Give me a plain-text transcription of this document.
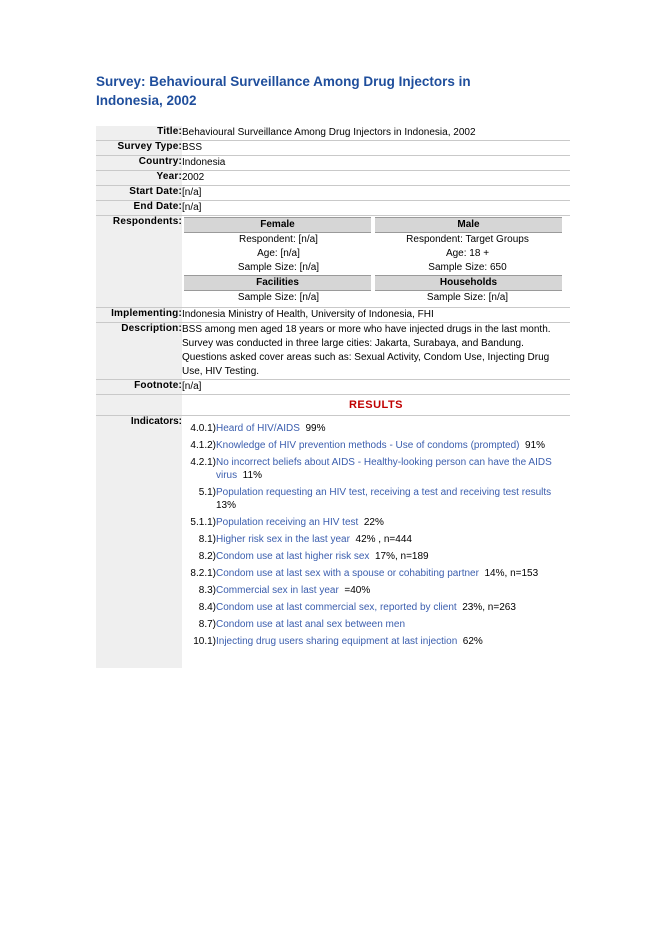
Survey: Behavioural Surveillance Among Drug Injectors in Indonesia, 2002
Title:	Behavioural Surveillance Among Drug Injectors in Indonesia, 2002
Survey Type:	BSS
Country:	Indonesia
Year:	2002
Start Date:	[n/a]
End Date:	[n/a]
Respondents:		Female	Male
Respondent: [n/a]	Respondent: Target Groups
Age: [n/a]	Age: 18 +
Sample Size: [n/a]	Sample Size: 650
Facilities	Households
Sample Size: [n/a]	Sample Size: [n/a]

Implementing:	Indonesia Ministry of Health, University of Indonesia, FHI
Description:	BSS among men aged 18 years or more who have injected drugs in the last month. Survey was conducted in three large cities: Jakarta, Surabaya, and Bandung. Questions asked cover areas such as: Sexual Activity, Condom Use, Injecting Drug Use, HIV Testing.
Footnote:	[n/a]

RESULTS

Indicators:	
4.0.1)	Heard of HIV/AIDS  99%
4.1.2)	Knowledge of HIV prevention methods - Use of condoms (prompted)  91%
4.2.1)	No incorrect beliefs about AIDS - Healthy-looking person can have the AIDS virus  11%
5.1)	Population requesting an HIV test, receiving a test and receiving test results  13%
5.1.1)	Population receiving an HIV test  22%
8.1)	Higher risk sex in the last year  42% , n=444
8.2)	Condom use at last higher risk sex  17%, n=189
8.2.1)	Condom use at last sex with a spouse or cohabiting partner  14%, n=153
8.3)	Commercial sex in last year  =40%
8.4)	Condom use at last commercial sex, reported by client  23%, n=263
8.7)	Condom use at last anal sex between men
10.1)	Injecting drug users sharing equipment at last injection  62%
